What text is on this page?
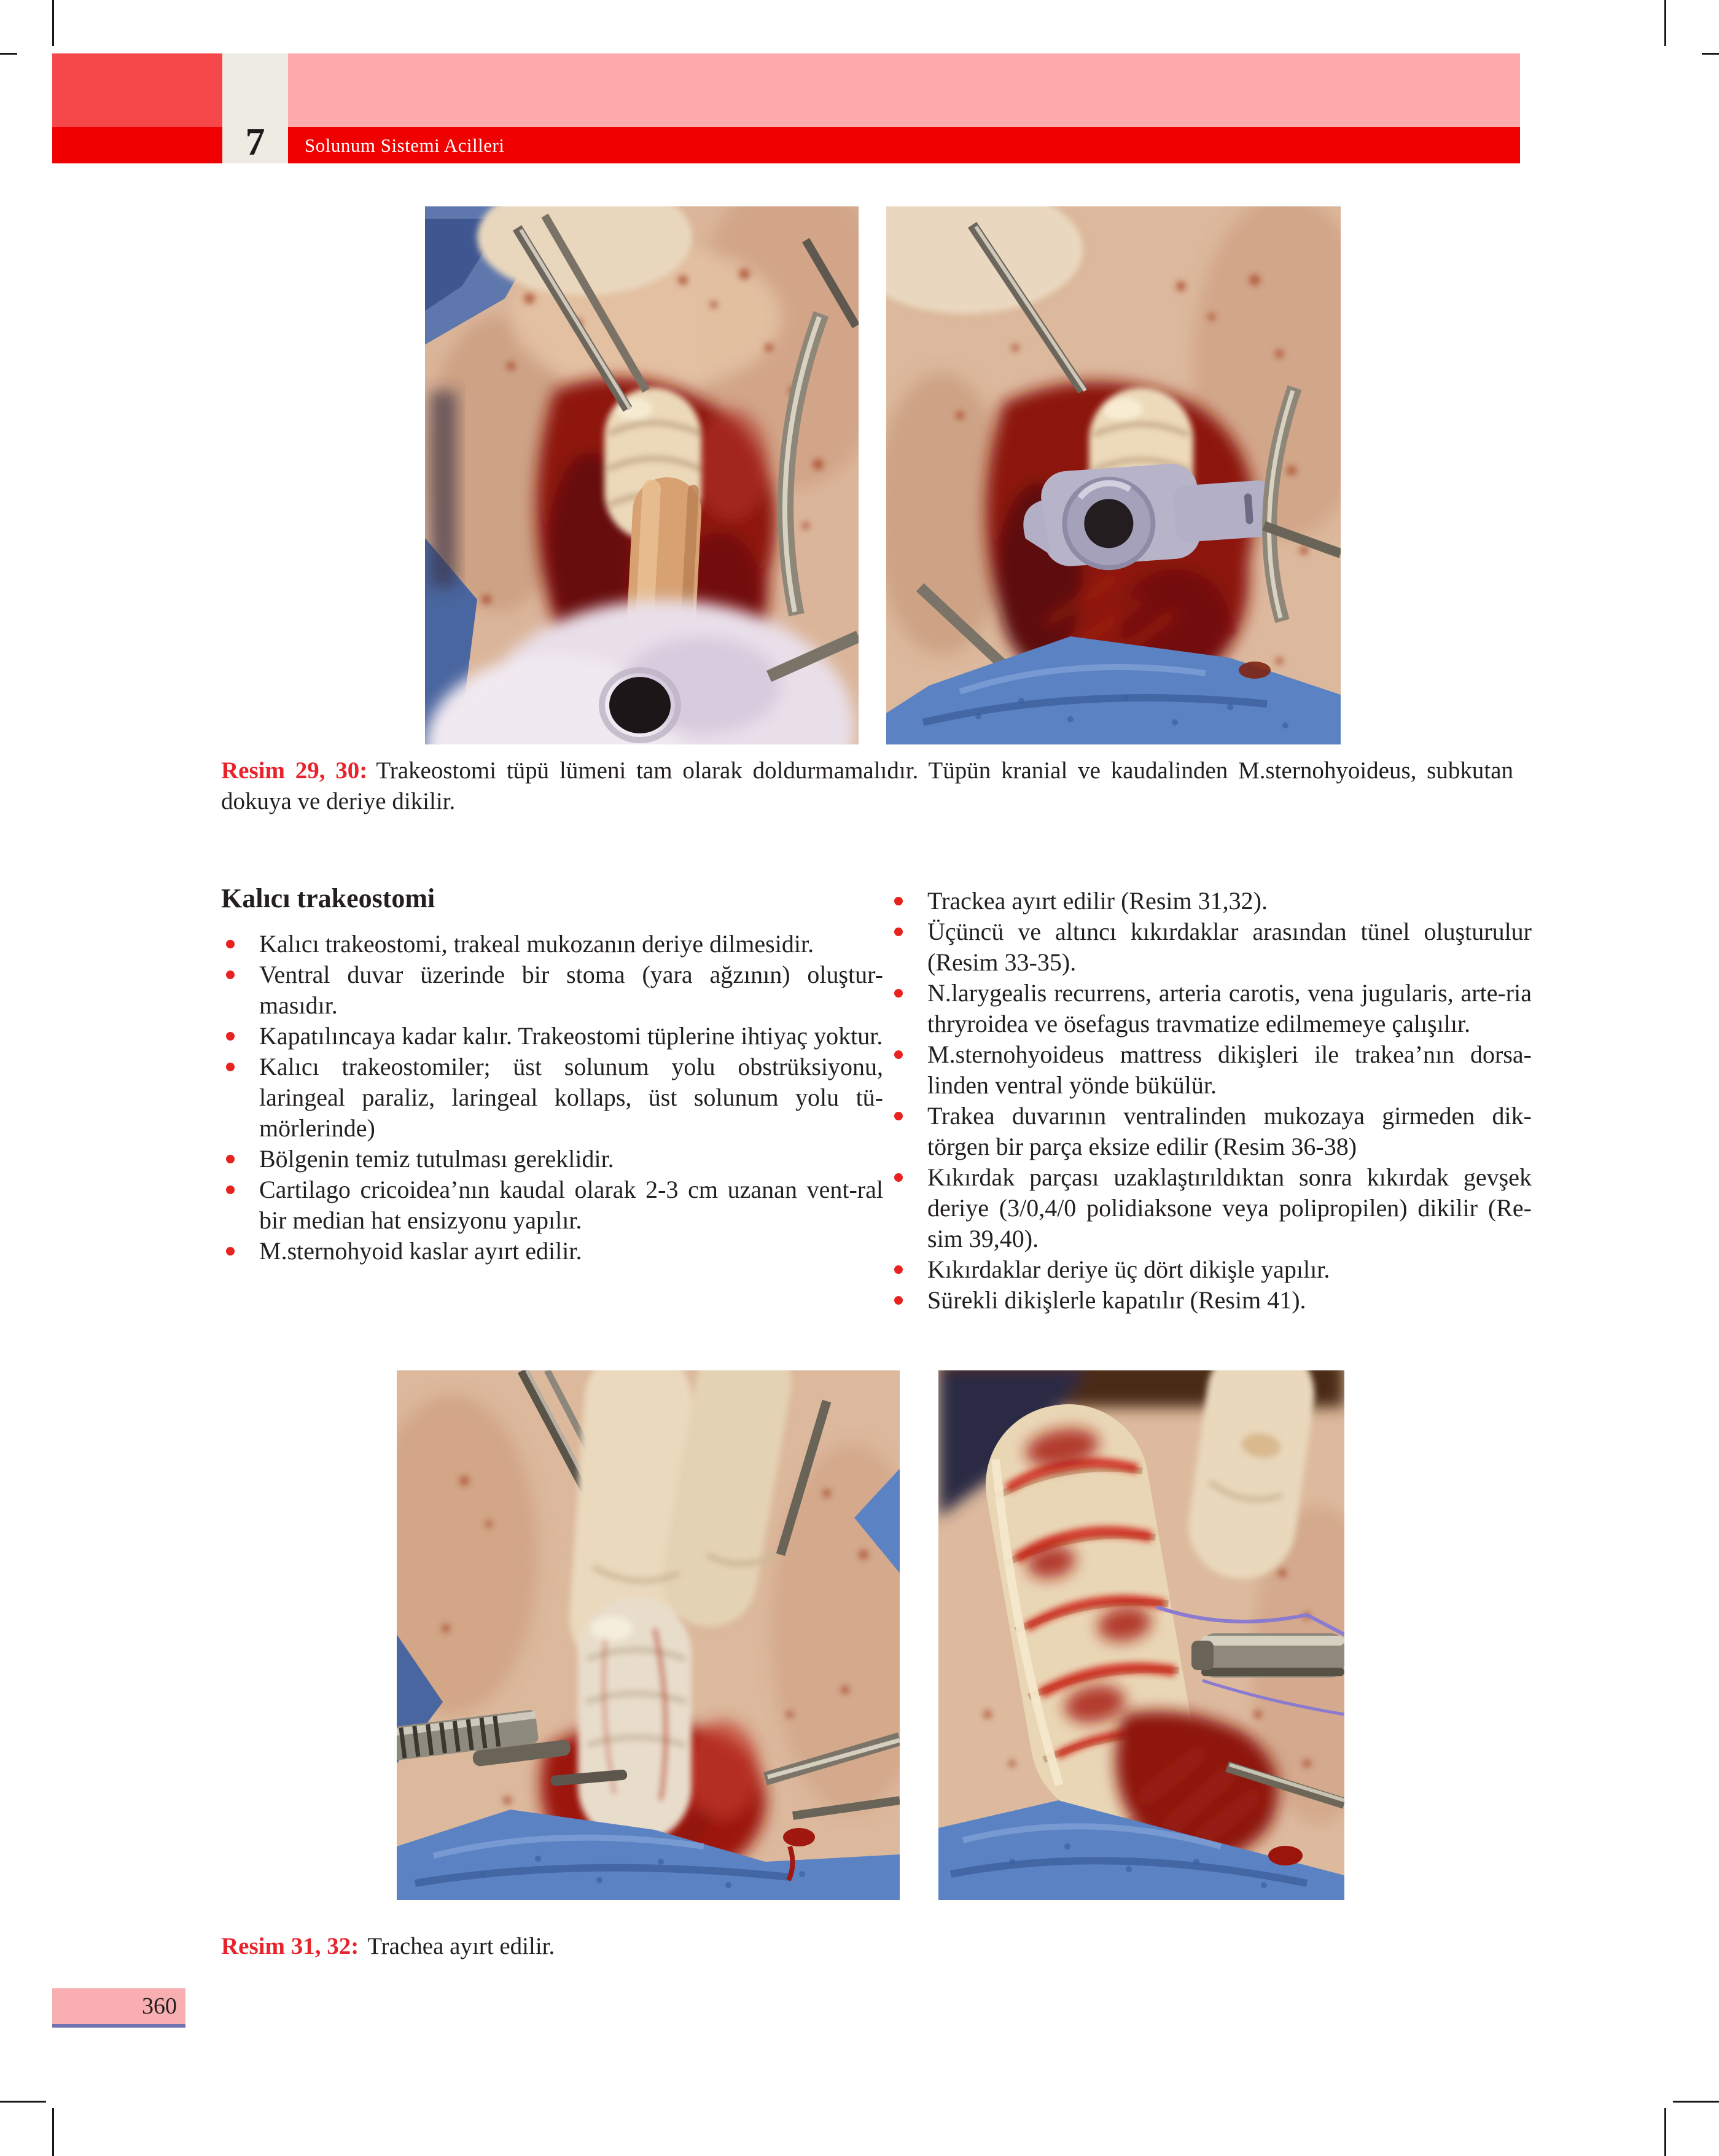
7	Solunum Sistemi Acilleri
Resim 29, 30: Trakeostomi tüpü lümeni tam olarak doldurmamalıdır. Tüpün kranial ve kaudalinden M.sternohyoideus, subkutan dokuya ve deriye dikilir.
Kalıcı trakeostomi
Kalıcı trakeostomi, trakeal mukozanın deriye dilmesidir.
Ventral duvar üzerinde bir stoma (yara ağzının) oluştur-masıdır.
Kapatılıncaya kadar kalır. Trakeostomi tüplerine ihtiyaç yoktur.
Kalıcı trakeostomiler; üst solunum yolu obstrüksiyonu, laringeal paraliz, laringeal kollaps, üst solunum yolu tü-mörlerinde)
Bölgenin temiz tutulması gereklidir.
Cartilago cricoidea’nın kaudal olarak 2-3 cm uzanan vent-ral bir median hat ensizyonu yapılır.
M.sternohyoid kaslar ayırt edilir.
Trackea ayırt edilir (Resim 31,32).
Üçüncü ve altıncı kıkırdaklar arasından tünel oluşturulur (Resim 33-35).
N.larygealis recurrens, arteria carotis, vena jugularis, arte-ria thryroidea ve ösefagus travmatize edilmemeye çalışılır.
M.sternohyoideus mattress dikişleri ile trakea’nın dorsa-linden ventral yönde bükülür.
Trakea duvarının ventralinden mukozaya girmeden dik-törgen bir parça eksize edilir (Resim 36-38)
Kıkırdak parçası uzaklaştırıldıktan sonra kıkırdak gevşek deriye (3/0,4/0 polidiaksone veya polipropilen) dikilir (Re-sim 39,40).
Kıkırdaklar deriye üç dört dikişle yapılır.
Sürekli dikişlerle kapatılır (Resim 41).
Resim 31, 32: Trachea ayırt edilir.
360
